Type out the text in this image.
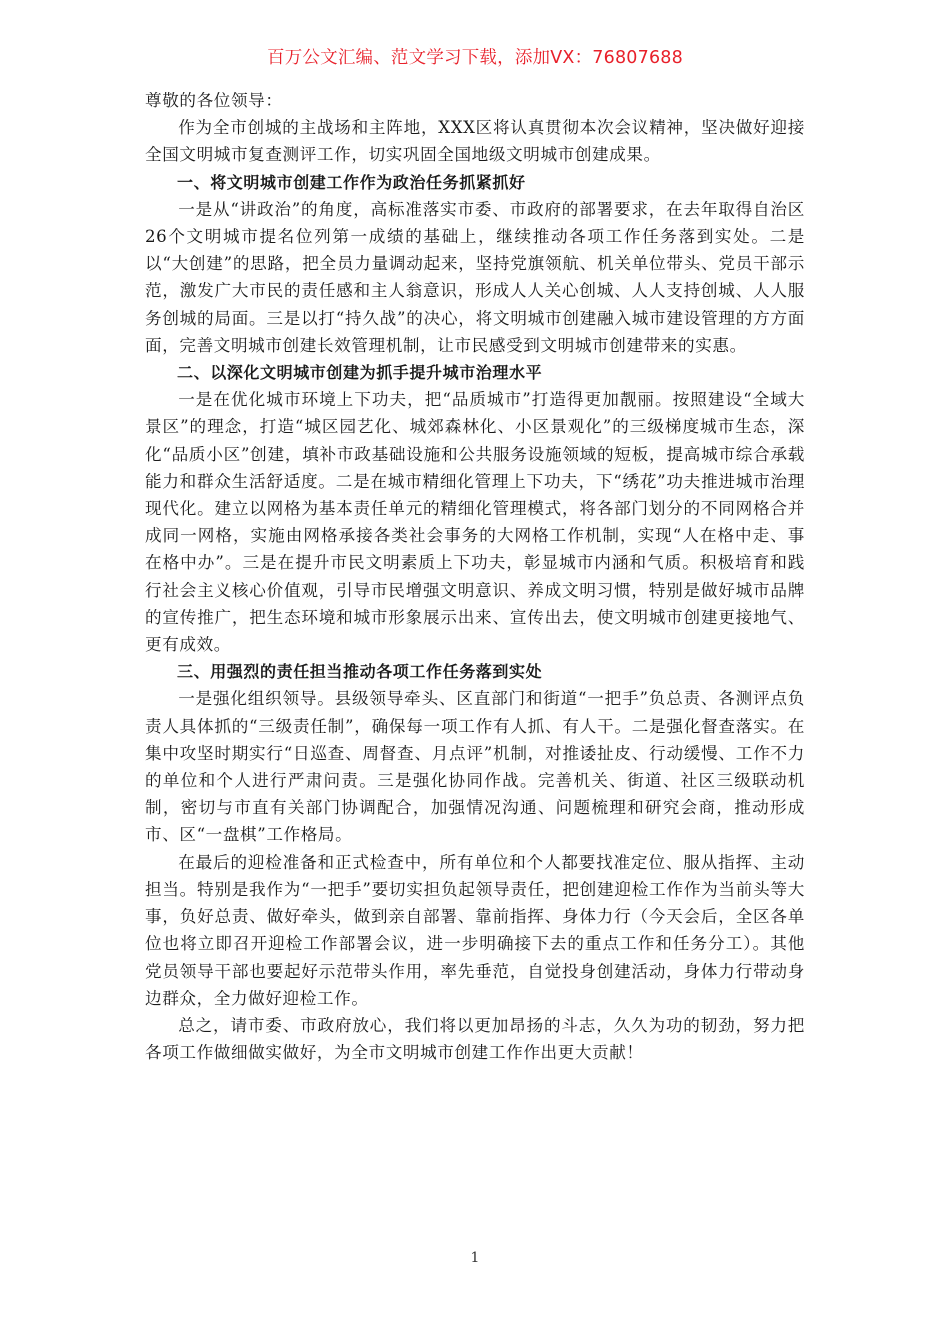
百万公文汇编、范文学习下载，添加VX：76807688

尊敬的各位领导：

作为全市创城的主战场和主阵地，XXX区将认真贯彻本次会议精神，坚决做好迎接全国文明城市复查测评工作，切实巩固全国地级文明城市创建成果。

一、将文明城市创建工作作为政治任务抓紧抓好

一是从“讲政治”的角度，高标准落实市委、市政府的部署要求，在去年取得自治区26个文明城市提名位列第一成绩的基础上，继续推动各项工作任务落到实处。二是以“大创建”的思路，把全员力量调动起来，坚持党旗领航、机关单位带头、党员干部示范，激发广大市民的责任感和主人翁意识，形成人人关心创城、人人支持创城、人人服务创城的局面。三是以打“持久战”的决心，将文明城市创建融入城市建设管理的方方面面，完善文明城市创建长效管理机制，让市民感受到文明城市创建带来的实惠。

二、以深化文明城市创建为抓手提升城市治理水平

一是在优化城市环境上下功夫，把“品质城市”打造得更加靓丽。按照建设“全域大景区”的理念，打造“城区园艺化、城郊森林化、小区景观化”的三级梯度城市生态，深化“品质小区”创建，填补市政基础设施和公共服务设施领域的短板，提高城市综合承载能力和群众生活舒适度。二是在城市精细化管理上下功夫，下“绣花”功夫推进城市治理现代化。建立以网格为基本责任单元的精细化管理模式，将各部门划分的不同网格合并成同一网格，实施由网格承接各类社会事务的大网格工作机制，实现“人在格中走、事在格中办”。三是在提升市民文明素质上下功夫，彰显城市内涵和气质。积极培育和践行社会主义核心价值观，引导市民增强文明意识、养成文明习惯，特别是做好城市品牌的宣传推广，把生态环境和城市形象展示出来、宣传出去，使文明城市创建更接地气、更有成效。

三、用强烈的责任担当推动各项工作任务落到实处

一是强化组织领导。县级领导牵头、区直部门和街道“一把手”负总责、各测评点负责人具体抓的“三级责任制”，确保每一项工作有人抓、有人干。二是强化督查落实。在集中攻坚时期实行“日巡查、周督查、月点评”机制，对推诿扯皮、行动缓慢、工作不力的单位和个人进行严肃问责。三是强化协同作战。完善机关、街道、社区三级联动机制，密切与市直有关部门协调配合，加强情况沟通、问题梳理和研究会商，推动形成市、区“一盘棋”工作格局。

在最后的迎检准备和正式检查中，所有单位和个人都要找准定位、服从指挥、主动担当。特别是我作为“一把手”要切实担负起领导责任，把创建迎检工作作为当前头等大事，负好总责、做好牵头，做到亲自部署、靠前指挥、身体力行（今天会后，全区各单位也将立即召开迎检工作部署会议，进一步明确接下去的重点工作和任务分工）。其他党员领导干部也要起好示范带头作用，率先垂范，自觉投身创建活动，身体力行带动身边群众，全力做好迎检工作。

总之，请市委、市政府放心，我们将以更加昂扬的斗志，久久为功的韧劲，努力把各项工作做细做实做好，为全市文明城市创建工作作出更大贡献！

1
